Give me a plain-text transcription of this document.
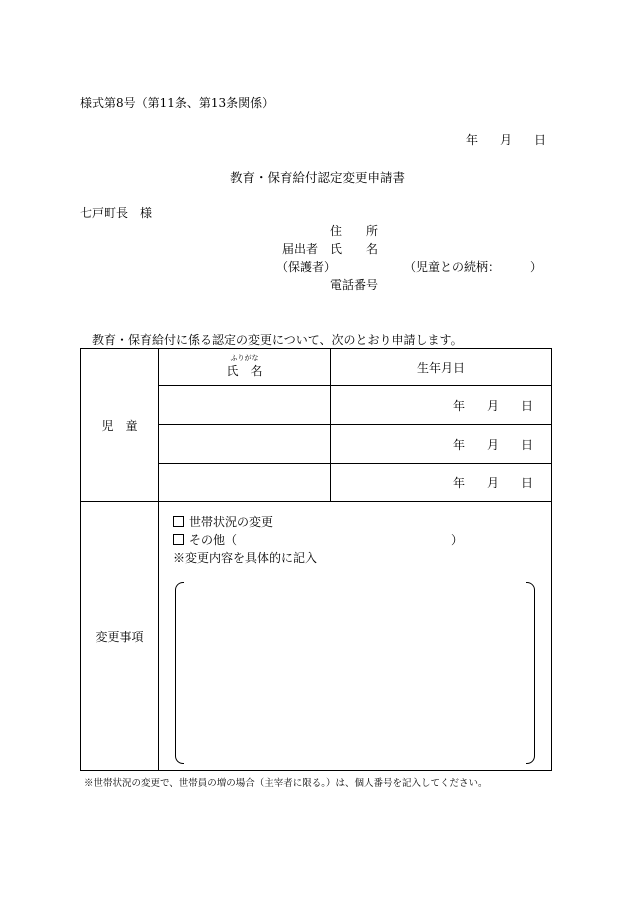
様式第8号（第11条、第13条関係）
年 月 日
教育・保育給付認定変更申請書
七戸町長　様
住　　所
届出者 氏　　名
（保護者）	（児童との続柄：　　　）
電話番号
教育・保育給付に係る認定の変更について、次のとおり申請します。
児　童	ふりがな
氏　名	生年月日
		年 月 日
		年 月 日
		年 月 日
変更事項	世帯状況の変更
その他（ ）
※変更内容を具体的に記入	
※世帯状況の変更で、世帯員の増の場合（主宰者に限る。）は、個人番号を記入してください。
